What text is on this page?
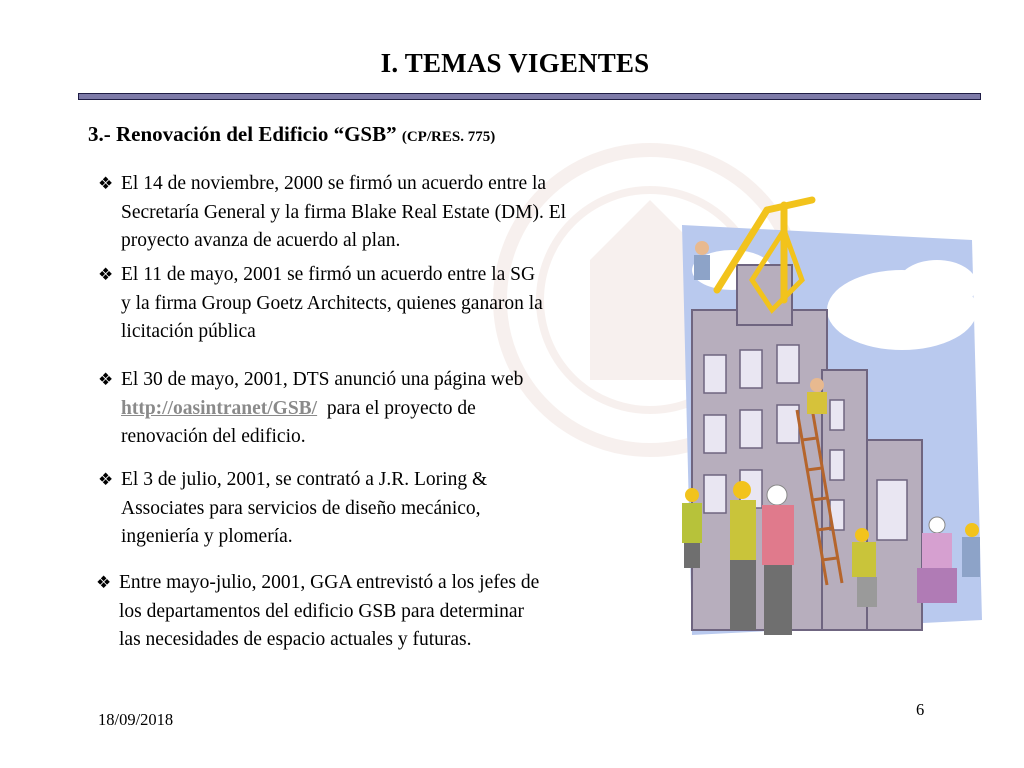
I. TEMAS VIGENTES
3.- Renovación del Edificio “GSB” (CP/RES. 775)
❖ El 14 de noviembre, 2000 se firmó un acuerdo entre la
Secretaría General y la firma Blake Real Estate (DM). El
proyecto avanza de acuerdo al plan.
❖ El 11 de mayo, 2001 se firmó un acuerdo entre la SG
y la firma Group Goetz Architects, quienes ganaron la
licitación pública
❖ El 30 de mayo, 2001, DTS anunció una página web
http://oasintranet/GSB/  para el proyecto de
renovación del edificio.
❖ El 3 de julio, 2001, se contrató a J.R. Loring &
Associates para servicios de diseño mecánico,
ingeniería y plomería.
❖ Entre mayo-julio, 2001, GGA entrevistó a los jefes de
los departamentos del edificio GSB para determinar
las necesidades de espacio actuales y futuras.
18/09/2018
6
